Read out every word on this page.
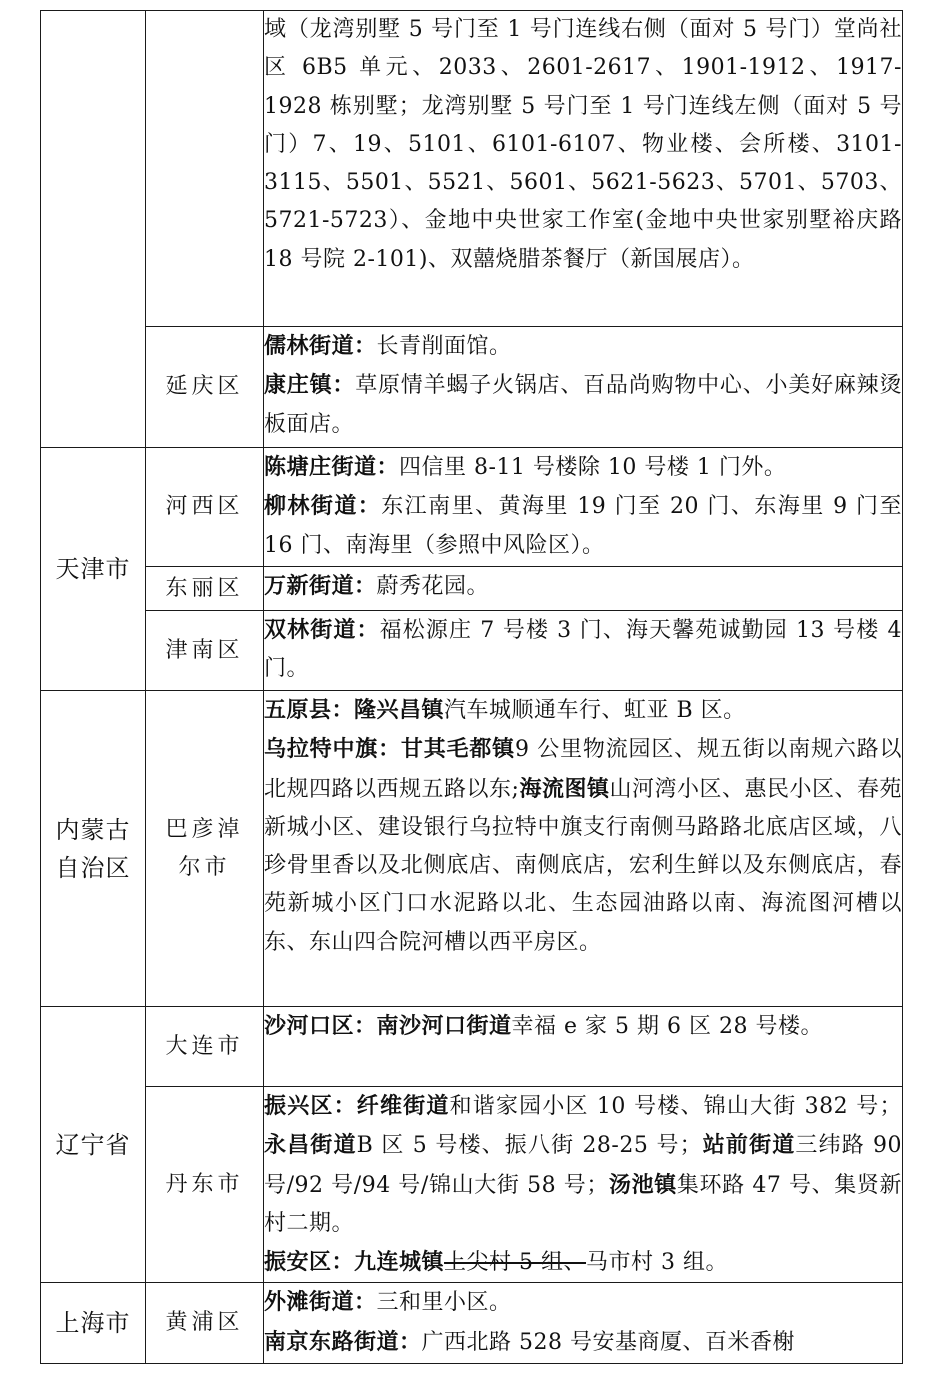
		域（龙湾别墅 5 号门至 1 号门连线右侧（面对 5 号门）堂尚社区 6B5 单元、2033、2601-2617、1901-1912、1917-1928 栋别墅；龙湾别墅 5 号门至 1 号门连线左侧（面对 5 号门）7、19、5101、6101-6107、物业楼、会所楼、3101-3115、5501、5521、5601、5621-5623、5701、5703、5721-5723）、金地中央世家工作室(金地中央世家别墅裕庆路 18 号院 2-101)、双囍烧腊茶餐厅（新国展店）。

	延庆区	儒林街道：长青削面馆。
康庄镇：草原情羊蝎子火锅店、百品尚购物中心、小美好麻辣烫板面店。

天津市	河西区	陈塘庄街道：四信里 8-11 号楼除 10 号楼 1 门外。
柳林街道：东江南里、黄海里 19 门至 20 门、东海里 9 门至 16 门、南海里（参照中风险区）。

	东丽区	万新街道：蔚秀花园。

	津南区	双林街道：福松源庄 7 号楼 3 门、海天馨苑诚勤园 13 号楼 4 门。

内蒙古自治区	巴彦淖尔市	五原县：隆兴昌镇汽车城顺通车行、虹亚 B 区。
乌拉特中旗：甘其毛都镇9 公里物流园区、规五街以南规六路以北规四路以西规五路以东;海流图镇山河湾小区、惠民小区、春苑新城小区、建设银行乌拉特中旗支行南侧马路路北底店区域，八珍骨里香以及北侧底店、南侧底店，宏利生鲜以及东侧底店，春苑新城小区门口水泥路以北、生态园油路以南、海流图河槽以东、东山四合院河槽以西平房区。

辽宁省	大连市	沙河口区：南沙河口街道幸福 e 家 5 期 6 区 28 号楼。

	丹东市	振兴区：纤维街道和谐家园小区 10 号楼、锦山大街 382 号；永昌街道B 区 5 号楼、振八街 28-25 号；站前街道三纬路 90 号/92 号/94 号/锦山大街 58 号；汤池镇集环路 47 号、集贤新村二期。
振安区：九连城镇上尖村 5 组、马市村 3 组。

上海市	黄浦区	外滩街道：三和里小区。
南京东路街道：广西北路 528 号安基商厦、百米香榭
